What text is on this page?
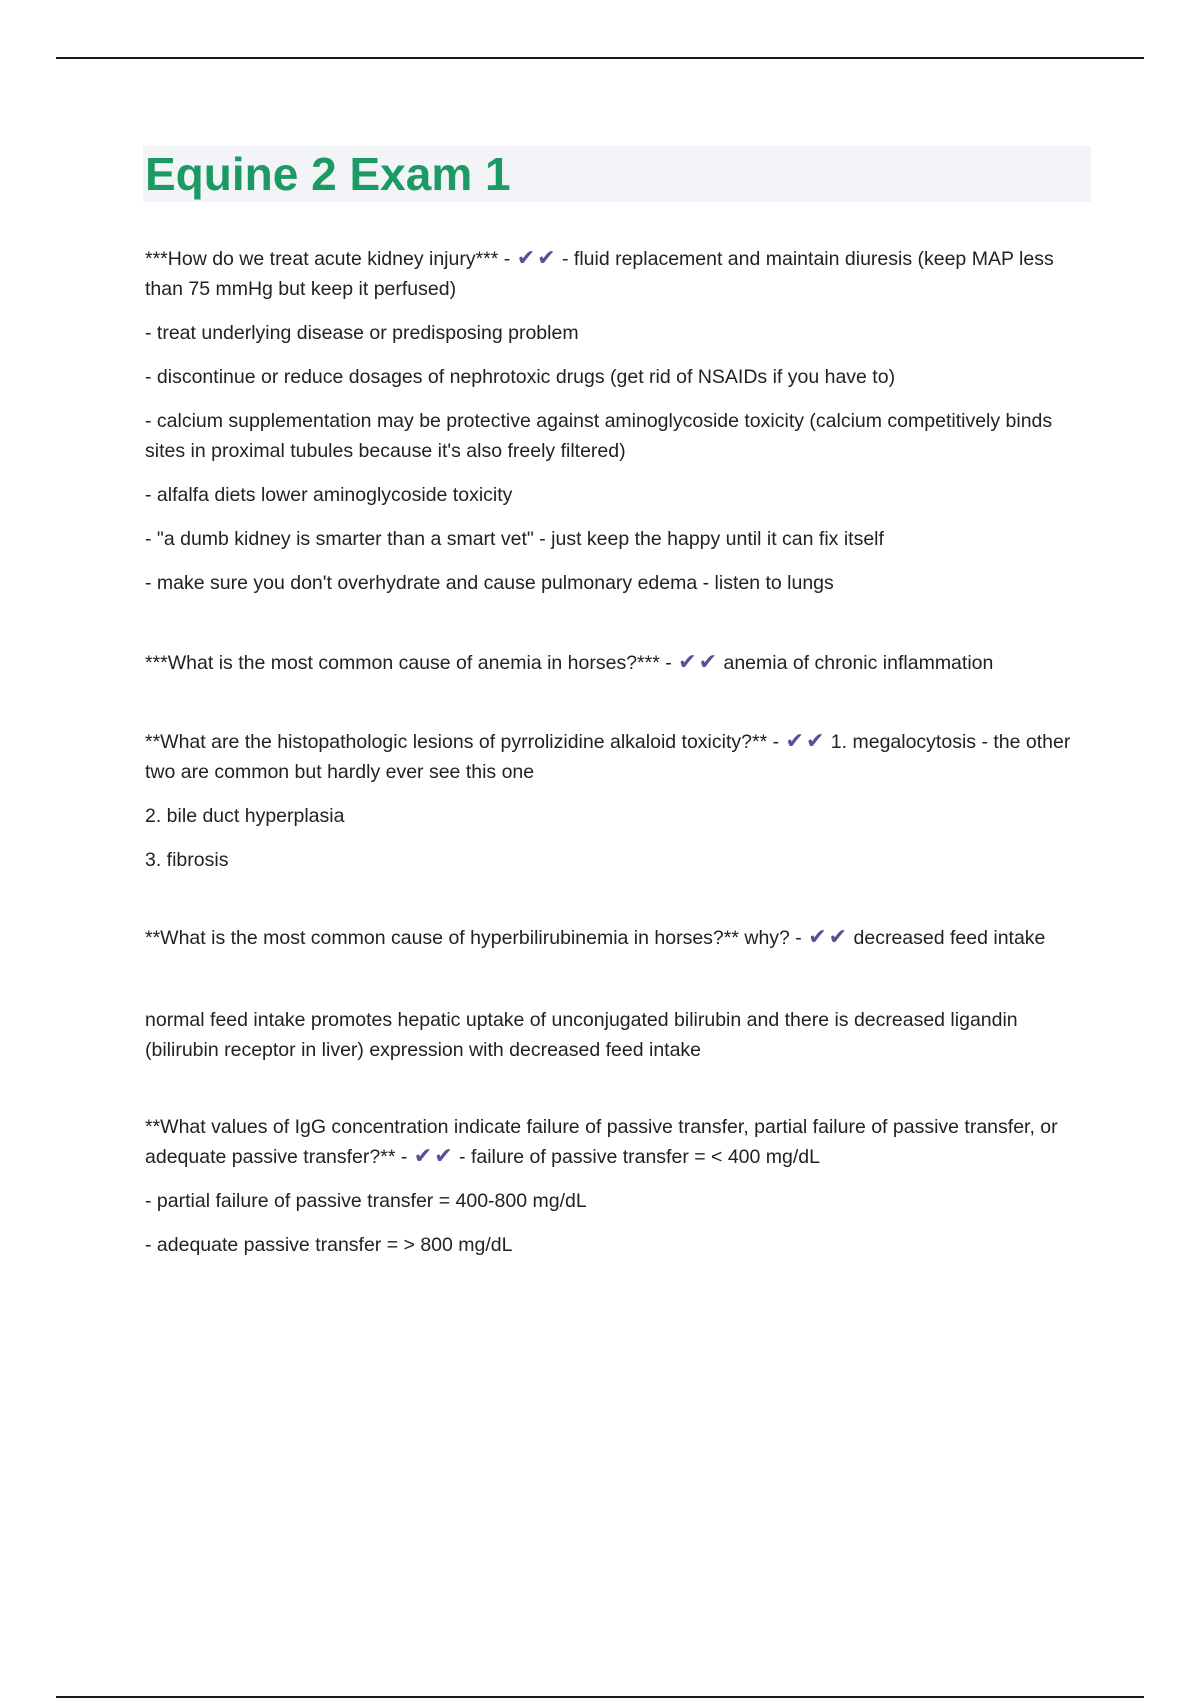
Equine 2 Exam 1

***How do we treat acute kidney injury*** - ✔✔ - fluid replacement and maintain diuresis (keep MAP less than 75 mmHg but keep it perfused)

- treat underlying disease or predisposing problem

- discontinue or reduce dosages of nephrotoxic drugs (get rid of NSAIDs if you have to)

- calcium supplementation may be protective against aminoglycoside toxicity (calcium competitively binds sites in proximal tubules because it's also freely filtered)

- alfalfa diets lower aminoglycoside toxicity

- "a dumb kidney is smarter than a smart vet" - just keep the happy until it can fix itself

- make sure you don't overhydrate and cause pulmonary edema - listen to lungs

***What is the most common cause of anemia in horses?*** - ✔✔ anemia of chronic inflammation

**What are the histopathologic lesions of pyrrolizidine alkaloid toxicity?** - ✔✔ 1. megalocytosis - the other two are common but hardly ever see this one

2. bile duct hyperplasia

3. fibrosis

**What is the most common cause of hyperbilirubinemia in horses?** why? - ✔✔ decreased feed intake

normal feed intake promotes hepatic uptake of unconjugated bilirubin and there is decreased ligandin (bilirubin receptor in liver) expression with decreased feed intake

**What values of IgG concentration indicate failure of passive transfer, partial failure of passive transfer, or adequate passive transfer?** - ✔✔ - failure of passive transfer = < 400 mg/dL

- partial failure of passive transfer = 400-800 mg/dL

- adequate passive transfer = > 800 mg/dL
